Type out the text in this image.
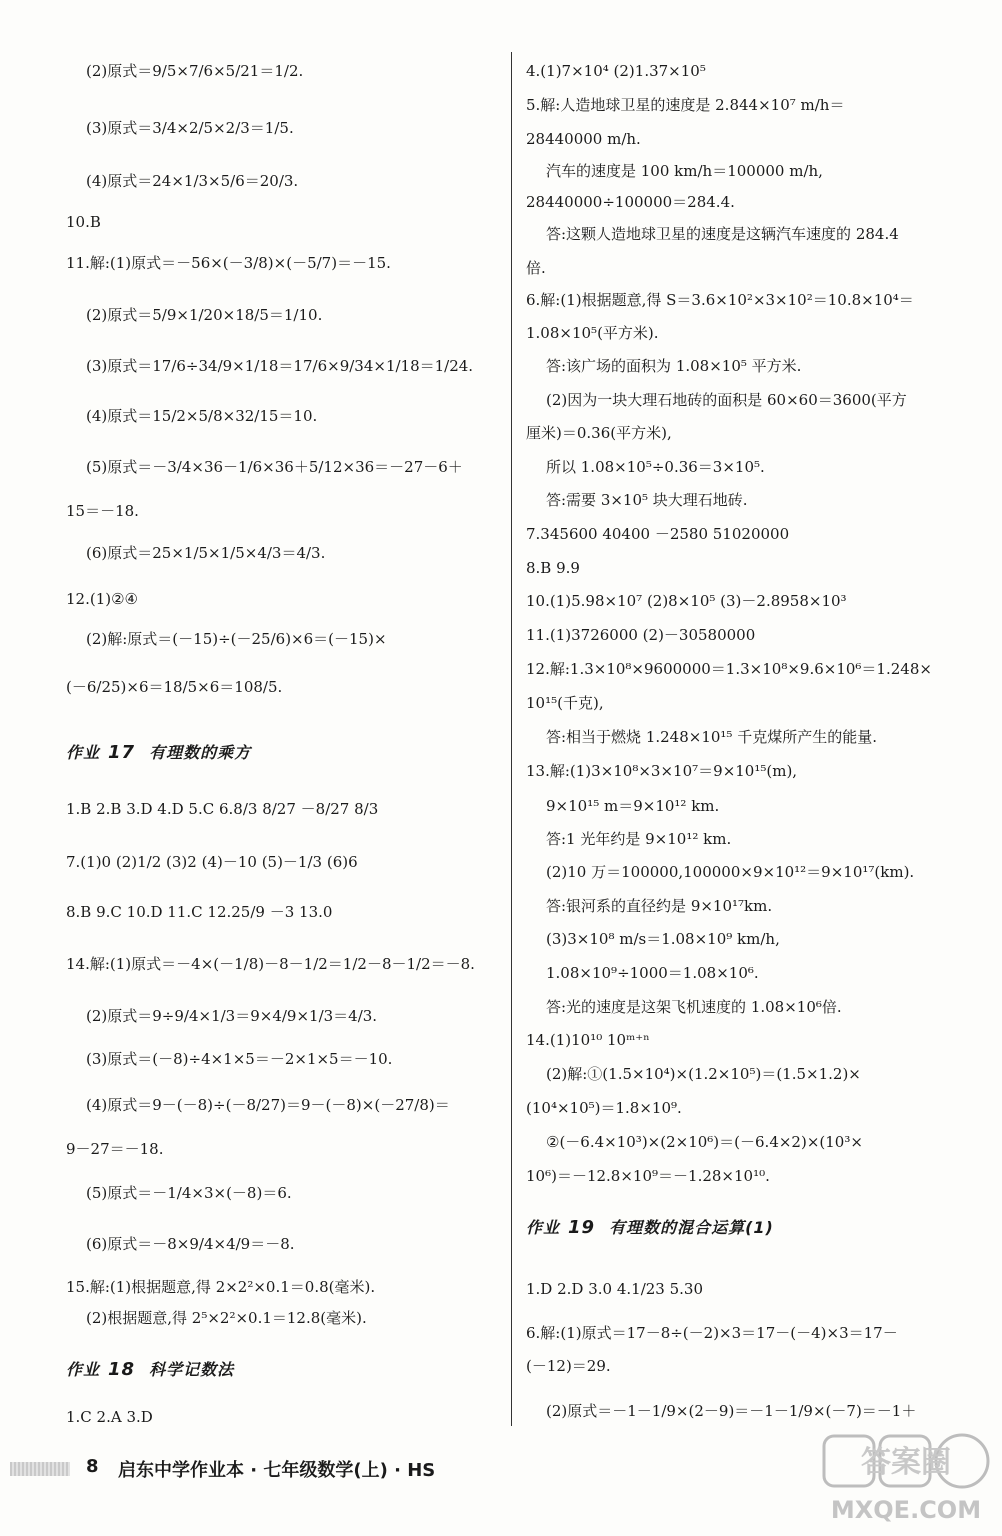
(2)原式＝9/5×7/6×5/21＝1/2.
(3)原式＝3/4×2/5×2/3＝1/5.
(4)原式＝24×1/3×5/6＝20/3.
10.B
11.解:(1)原式＝－56×(－3/8)×(－5/7)＝－15.
(2)原式＝5/9×1/20×18/5＝1/10.
(3)原式＝17/6÷34/9×1/18＝17/6×9/34×1/18＝1/24.
(4)原式＝15/2×5/8×32/15＝10.
(5)原式＝－3/4×36－1/6×36＋5/12×36＝－27－6＋
15＝－18.
(6)原式＝25×1/5×1/5×4/3＝4/3.
12.(1)②④
(2)解:原式＝(－15)÷(－25/6)×6＝(－15)×
(－6/25)×6＝18/5×6＝108/5.
1.B 2.B 3.D 4.D 5.C 6.8/3 8/27 －8/27 8/3
7.(1)0 (2)1/2 (3)2 (4)－10 (5)－1/3 (6)6
8.B 9.C 10.D 11.C 12.25/9 －3 13.0
14.解:(1)原式＝－4×(－1/8)－8－1/2＝1/2－8－1/2＝－8.
(2)原式＝9÷9/4×1/3＝9×4/9×1/3＝4/3.
(3)原式＝(－8)÷4×1×5＝－2×1×5＝－10.
(4)原式＝9－(－8)÷(－8/27)＝9－(－8)×(－27/8)＝
9－27＝－18.
(5)原式＝－1/4×3×(－8)＝6.
(6)原式＝－8×9/4×4/9＝－8.
15.解:(1)根据题意,得 2×2²×0.1＝0.8(毫米).
(2)根据题意,得 2⁵×2²×0.1＝12.8(毫米).
1.C 2.A 3.D
作业 17 有理数的乘方
作业 18 科学记数法
4.(1)7×10⁴ (2)1.37×10⁵
5.解:人造地球卫星的速度是 2.844×10⁷ m/h＝
28440000 m/h.
汽车的速度是 100 km/h＝100000 m/h,
28440000÷100000＝284.4.
答:这颗人造地球卫星的速度是这辆汽车速度的 284.4
倍.
6.解:(1)根据题意,得 S＝3.6×10²×3×10²＝10.8×10⁴＝
1.08×10⁵(平方米).
答:该广场的面积为 1.08×10⁵ 平方米.
(2)因为一块大理石地砖的面积是 60×60＝3600(平方
厘米)＝0.36(平方米),
所以 1.08×10⁵÷0.36＝3×10⁵.
答:需要 3×10⁵ 块大理石地砖.
7.345600 40400 －2580 51020000
8.B 9.9
10.(1)5.98×10⁷ (2)8×10⁵ (3)－2.8958×10³
11.(1)3726000 (2)－30580000
12.解:1.3×10⁸×9600000＝1.3×10⁸×9.6×10⁶＝1.248×
10¹⁵(千克),
答:相当于燃烧 1.248×10¹⁵ 千克煤所产生的能量.
13.解:(1)3×10⁸×3×10⁷＝9×10¹⁵(m),
9×10¹⁵ m＝9×10¹² km.
答:1 光年约是 9×10¹² km.
(2)10 万＝100000,100000×9×10¹²＝9×10¹⁷(km).
答:银河系的直径约是 9×10¹⁷km.
(3)3×10⁸ m/s＝1.08×10⁹ km/h,
1.08×10⁹÷1000＝1.08×10⁶.
答:光的速度是这架飞机速度的 1.08×10⁶倍.
14.(1)10¹⁰ 10ᵐ⁺ⁿ
(2)解:①(1.5×10⁴)×(1.2×10⁵)＝(1.5×1.2)×
(10⁴×10⁵)＝1.8×10⁹.
②(－6.4×10³)×(2×10⁶)＝(－6.4×2)×(10³×
10⁶)＝－12.8×10⁹＝－1.28×10¹⁰.
1.D 2.D 3.0 4.1/23 5.30
6.解:(1)原式＝17－8÷(－2)×3＝17－(－4)×3＝17－
(－12)＝29.
(2)原式＝－1－1/9×(2－9)＝－1－1/9×(－7)＝－1＋
作业 19 有理数的混合运算(1)
8 启东中学作业本 · 七年级数学(上) · HS	答案圈
MXQE.COM
